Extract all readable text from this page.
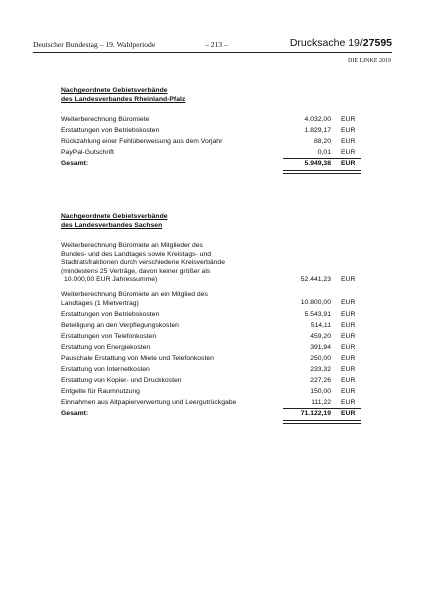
Deutscher Bundestag – 19. Wahlperiode	– 213 –	Drucksache 19/27595
DIE LINKE 2019
Nachgeordnete Gebietsverbände
des Landesverbandes Rheinland-Pfalz
Weiterberechnung Büromiete	4.032,00 EUR
Erstattungen von Betriebskosten	1.829,17 EUR
Rückzahlung einer Fehlüberweisung aus dem Vorjahr	88,20 EUR
PayPal-Gutschrift	0,01 EUR
Gesamt:	5.949,38 EUR
Nachgeordnete Gebietsverbände
des Landesverbandes Sachsen
Weiterberechnung Büromiete an Mitglieder des
Bundes- und des Landtages sowie Kreistags- und
Stadtratsfraktionen durch verschiedene Kreisverbände
(mindestens 25 Verträge, davon keiner größer als
10.000,00 EUR Jahressumme)	52.441,23 EUR
Weiterberechnung Büromiete an ein Mitglied des
Landtages (1 Mietvertrag)	10.800,00 EUR
Erstattungen von Betriebskosten	5.543,91 EUR
Beteiligung an den Verpflegungskosten	514,11 EUR
Erstattungen von Telefonkosten	459,20 EUR
Erstattung von Energiekosten	391,94 EUR
Pauschale Erstattung von Miete und Telefonkosten	250,00 EUR
Erstattung von Internetkosten	233,32 EUR
Erstattung von Kopier- und Druckkosten	227,26 EUR
Entgelte für Raumnutzung	150,00 EUR
Einnahmen aus Altpapierverwertung und Leergutrückgabe	111,22 EUR
Gesamt:	71.122,19 EUR
